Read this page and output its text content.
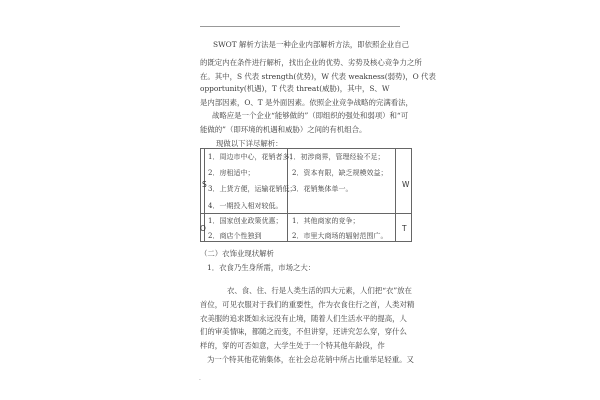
SWOT 解析方法是一种企业内部解析方法，即依照企业自己
的既定内在条件进行解析，找出企业的优势、劣势及核心竞争力之所
在。其中，S 代表 strength(优势)，W 代表 weakness(弱势)，O 代表
opportunity(机遇)，T 代表 threat(威胁)，其中，S、W
是内部因素，O、T 是外面因素。依照企业竞争战略的完满看法，
战略应是一个企业“能够做的”（即组织的强处和弱项）和“可
能做的”（即环境的机遇和威胁）之间的有机组合。
现做以下详尽解析：
1．周边市中心，花销者多；
2．房租适中；
3．上货方便，运输花销低；
4．一期投入相对较低。
1．初涉商界，管理经验不足；
2．资本有限，缺乏规模效益；
3．花销集体单一。
1．国家创业政策优惠；
2．商店个性独到
1．其他商家的竞争；
2．市里大商场的辐射范围广。
S	W
O	T
（二）衣饰业现状解析
1．衣食乃生身所需，市场之大：
衣、食、住、行是人类生活的四大元素，人们把“衣”放在
首位，可见衣服对于我们的重要性，作为衣食住行之首，人类对精
衣美服的追求既如永远没有止境，随着人们生活水平的提高，人
们的审美情味，都随之而变，不但讲穿，还讲究怎么穿，穿什么
样的，穿的可否如意，大学生处于一个特其他年龄段，作
为一个特其他花销集体，在社会总花销中所占比重举足轻重。又
·
